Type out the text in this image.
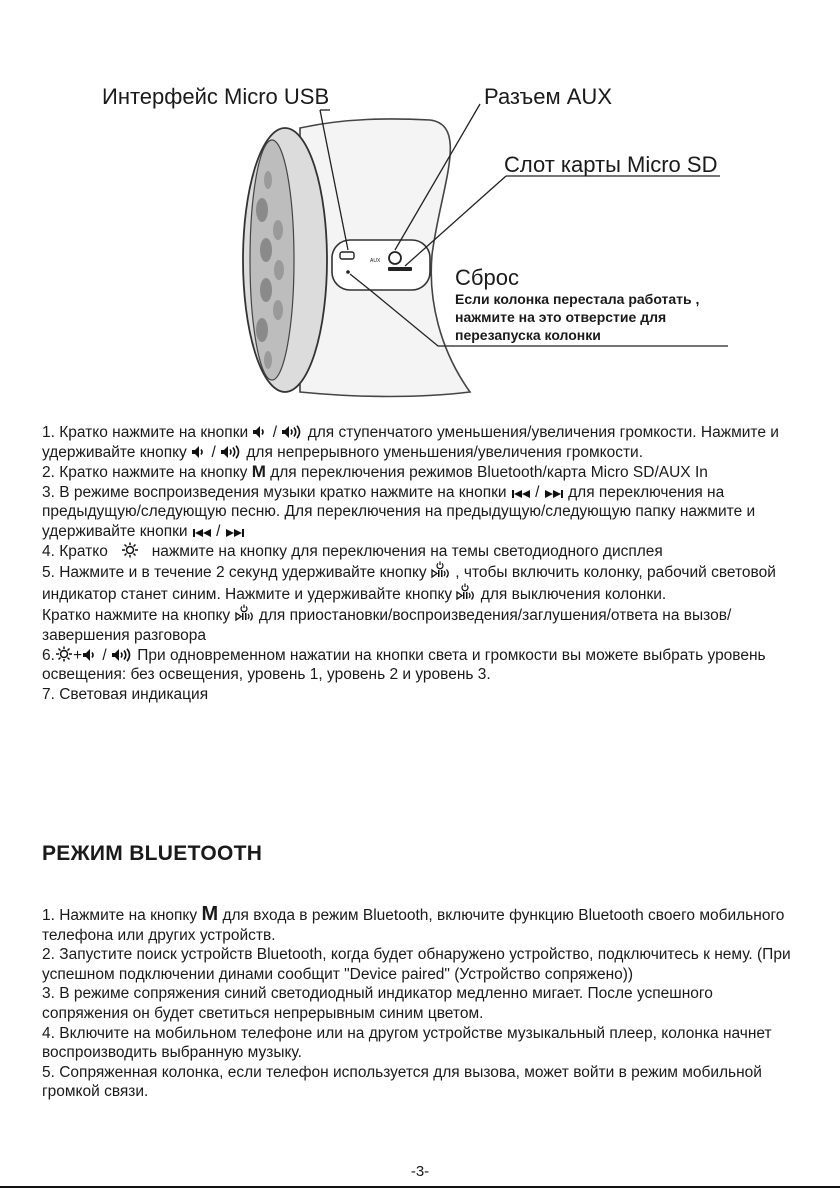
AUX
Интерфейс Micro USB	Разъем AUX
Слот карты Micro SD
Сброс
Если колонка перестала работать ,
нажмите на это отверстие для
перезапуска колонки

1. Кратко нажмите на кнопки / для ступенчатого уменьшения/увеличения громкости. Нажмите и удерживайте кнопку / для непрерывного уменьшения/увеличения громкости.

2. Кратко нажмите на кнопку M для переключения режимов Bluetooth/карта Micro SD/AUX In

3. В режиме воспроизведения музыки кратко нажмите на кнопки / для переключения на предыдущую/следующую песню. Для переключения на предыдущую/следующую папку нажмите и удерживайте кнопки /

4. Кратко	нажмите на кнопку для переключения на темы светодиодного дисплея

5. Нажмите и в течение 2 секунд удерживайте кнопку , чтобы включить колонку, рабочий световой индикатор станет синим. Нажмите и удерживайте кнопку для выключения колонки.

Кратко нажмите на кнопку для приостановки/воспроизведения/заглушения/ответа на вызов/завершения разговора

6. + / При одновременном нажатии на кнопки света и громкости вы можете выбрать уровень освещения: без освещения, уровень 1, уровень 2 и уровень 3.

7. Световая индикация

РЕЖИМ BLUETOOTH

1. Нажмите на кнопку M для входа в режим Bluetooth, включите функцию Bluetooth своего мобильного телефона или других устройств.

2. Запустите поиск устройств Bluetooth, когда будет обнаружено устройство, подключитесь к нему. (При успешном подключении динами сообщит "Device paired" (Устройство сопряжено))

3. В режиме сопряжения синий светодиодный индикатор медленно мигает. После успешного сопряжения он будет светиться непрерывным синим цветом.

4. Включите на мобильном телефоне или на другом устройстве музыкальный плеер, колонка начнет воспроизводить выбранную музыку.

5. Сопряженная колонка, если телефон используется для вызова, может войти в режим мобильной громкой связи.

-3-
